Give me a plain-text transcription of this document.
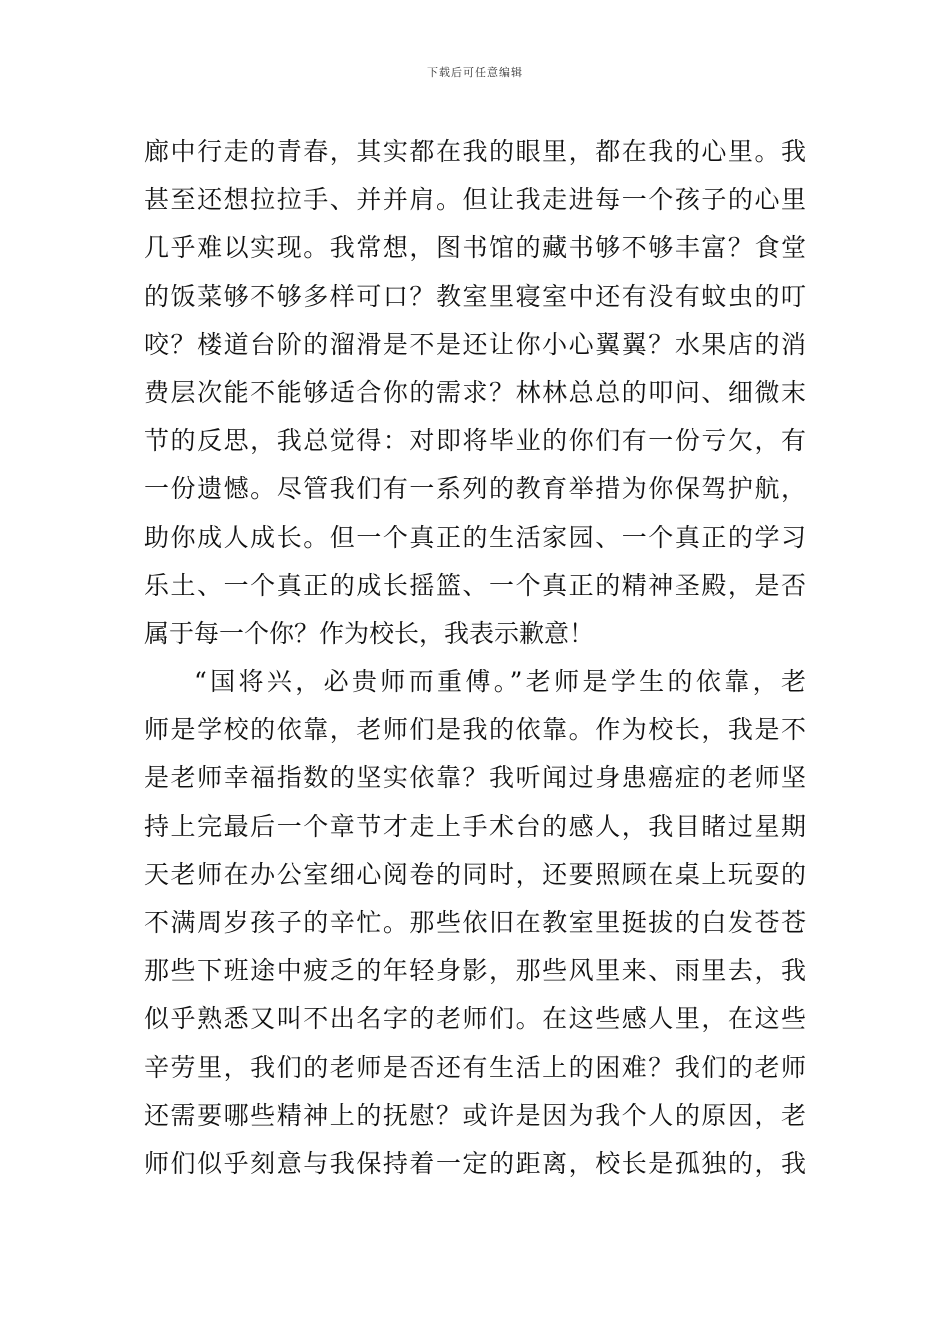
下载后可任意编辑
廊中行走的青春，其实都在我的眼里，都在我的心里。我
甚至还想拉拉手、并并肩。但让我走进每一个孩子的心里
几乎难以实现。我常想，图书馆的藏书够不够丰富？食堂
的饭菜够不够多样可口？教室里寝室中还有没有蚊虫的叮
咬？楼道台阶的溜滑是不是还让你小心翼翼？水果店的消
费层次能不能够适合你的需求？林林总总的叩问、细微末
节的反思，我总觉得：对即将毕业的你们有一份亏欠，有
一份遗憾。尽管我们有一系列的教育举措为你保驾护航，
助你成人成长。但一个真正的生活家园、一个真正的学习
乐土、一个真正的成长摇篮、一个真正的精神圣殿，是否
属于每一个你？作为校长，我表示歉意！
“国将兴，必贵师而重傅。”老师是学生的依靠，老
师是学校的依靠，老师们是我的依靠。作为校长，我是不
是老师幸福指数的坚实依靠？我听闻过身患癌症的老师坚
持上完最后一个章节才走上手术台的感人，我目睹过星期
天老师在办公室细心阅卷的同时，还要照顾在桌上玩耍的
不满周岁孩子的辛忙。那些依旧在教室里挺拔的白发苍苍
那些下班途中疲乏的年轻身影，那些风里来、雨里去，我
似乎熟悉又叫不出名字的老师们。在这些感人里，在这些
辛劳里，我们的老师是否还有生活上的困难？我们的老师
还需要哪些精神上的抚慰？或许是因为我个人的原因，老
师们似乎刻意与我保持着一定的距离，校长是孤独的，我
